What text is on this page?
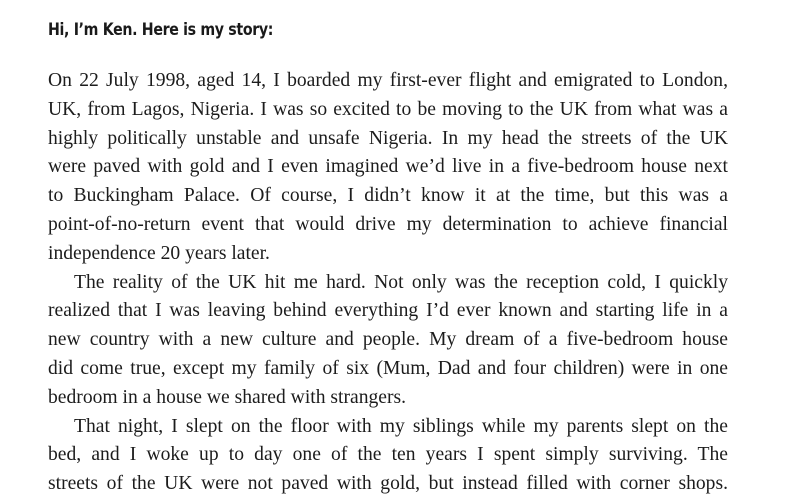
Hi, I’m Ken. Here is my story:

On 22 July 1998, aged 14, I boarded my first-ever flight and emigrated to London,
UK, from Lagos, Nigeria. I was so excited to be moving to the UK from what was a
highly politically unstable and unsafe Nigeria. In my head the streets of the UK
were paved with gold and I even imagined we’d live in a five-bedroom house next
to Buckingham Palace. Of course, I didn’t know it at the time, but this was a
point-of-no-return event that would drive my determination to achieve financial
independence 20 years later.

The reality of the UK hit me hard. Not only was the reception cold, I quickly
realized that I was leaving behind everything I’d ever known and starting life in a
new country with a new culture and people. My dream of a five-bedroom house
did come true, except my family of six (Mum, Dad and four children) were in one
bedroom in a house we shared with strangers.

That night, I slept on the floor with my siblings while my parents slept on the
bed, and I woke up to day one of the ten years I spent simply surviving. The
streets of the UK were not paved with gold, but instead filled with corner shops.
